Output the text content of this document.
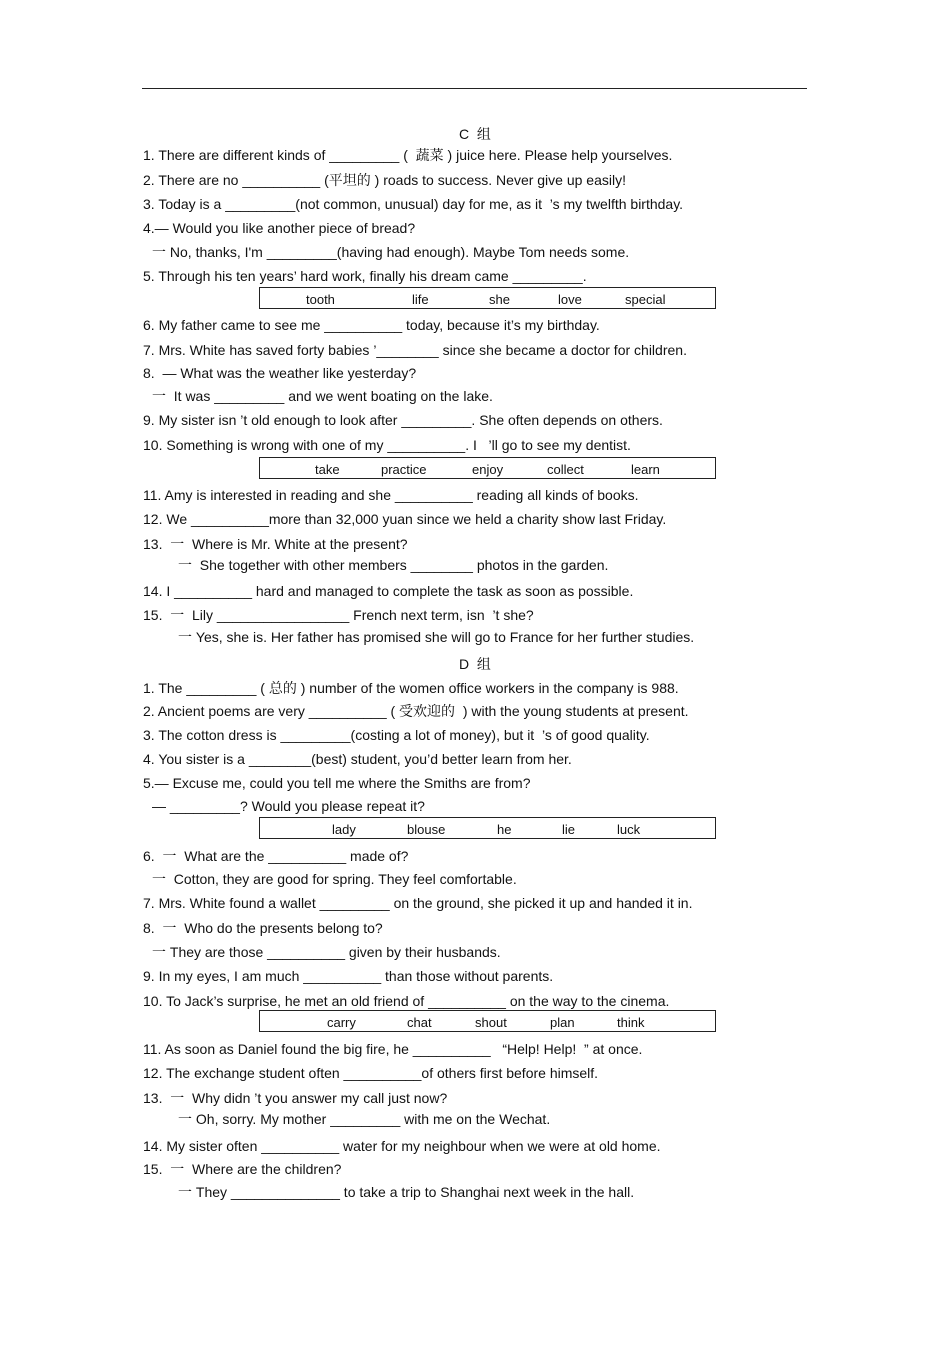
C  组
1. There are different kinds of _________ (  蔬菜 ) juice here. Please help yourselves.
2. There are no __________ (平坦的 ) roads to success. Never give up easily!
3. Today is a _________(not common, unusual) day for me, as it  ’s my twelfth birthday.
4.— Would you like another piece of bread?
一 No, thanks, I'm _________(having had enough). Maybe Tom needs some.
5. Through his ten years’ hard work, finally his dream came _________.
tooth	life	she	love	special
6. My father came to see me __________ today, because it’s my birthday.
7. Mrs. White has saved forty babies ’________ since she became a doctor for children.
8.  — What was the weather like yesterday?
一  It was _________ and we went boating on the lake.
9. My sister isn ’t old enough to look after _________. She often depends on others.
10. Something is wrong with one of my __________. I   ’ll go to see my dentist.
take	practice	enjoy	collect	learn
11. Amy is interested in reading and she __________ reading all kinds of books.
12. We __________more than 32,000 yuan since we held a charity show last Friday.
13.  一  Where is Mr. White at the present?
一  She together with other members ________ photos in the garden.
14. I __________ hard and managed to complete the task as soon as possible.
15.  一  Lily _________________ French next term, isn  ’t she?
一 Yes, she is. Her father has promised she will go to France for her further studies.
D  组
1. The _________ ( 总的 ) number of the women office workers in the company is 988.
2. Ancient poems are very __________ ( 受欢迎的  ) with the young students at present.
3. The cotton dress is _________(costing a lot of money), but it  ’s of good quality.
4. You sister is a ________(best) student, you’d better learn from her.
5.— Excuse me, could you tell me where the Smiths are from?
— _________? Would you please repeat it?
lady	blouse	he	lie	luck
6.  一  What are the __________ made of?
一  Cotton, they are good for spring. They feel comfortable.
7. Mrs. White found a wallet _________ on the ground, she picked it up and handed it in.
8.  一  Who do the presents belong to?
一 They are those __________ given by their husbands.
9. In my eyes, I am much __________ than those without parents.
10. To Jack’s surprise, he met an old friend of __________ on the way to the cinema.
carry	chat	shout	plan	think
11. As soon as Daniel found the big fire, he __________   “Help! Help!  ” at once.
12. The exchange student often __________of others first before himself.
13.  一  Why didn ’t you answer my call just now?
一 Oh, sorry. My mother _________ with me on the Wechat.
14. My sister often __________ water for my neighbour when we were at old home.
15.  一  Where are the children?
一 They ______________ to take a trip to Shanghai next week in the hall.
